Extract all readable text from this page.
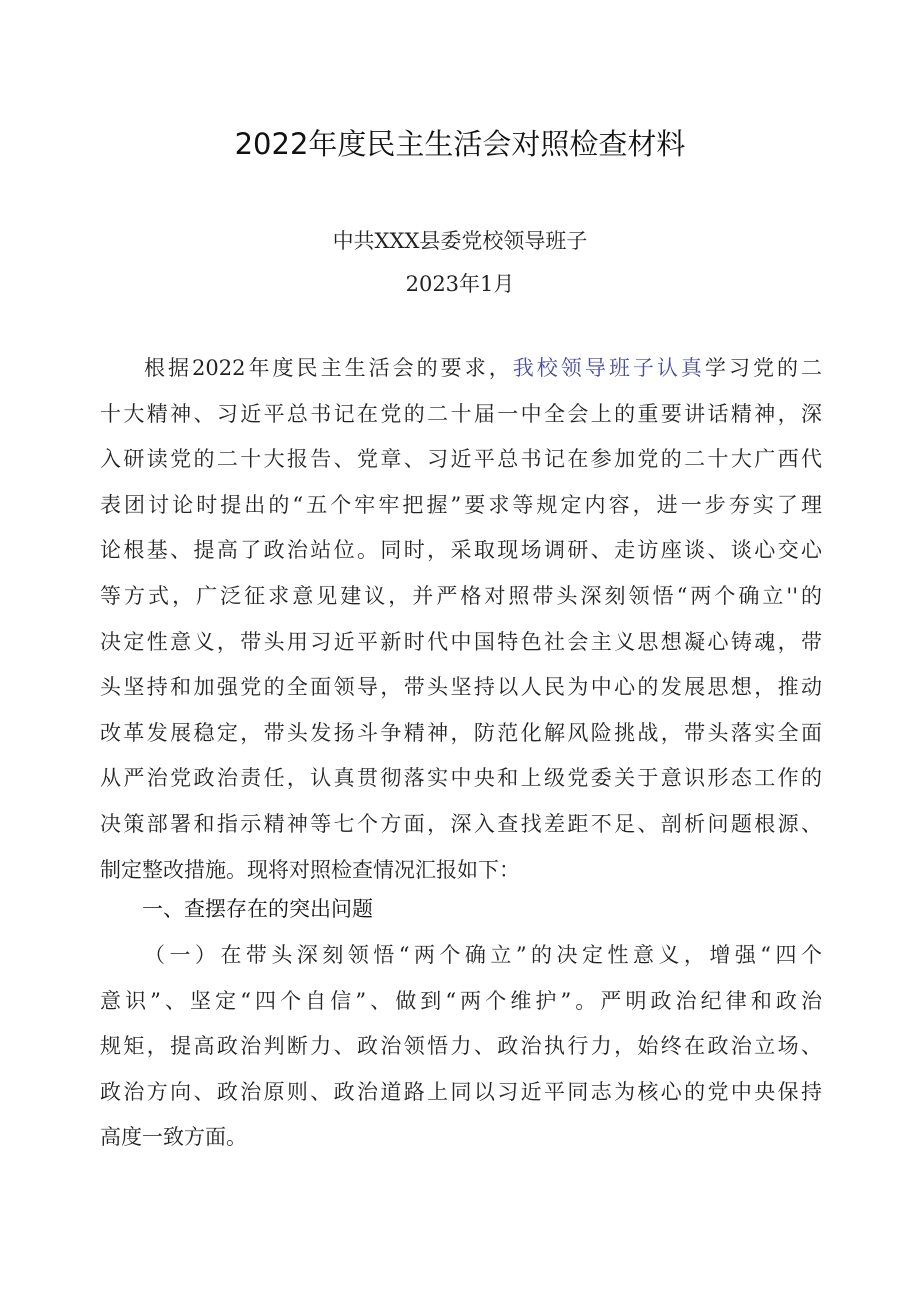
2022年度民主生活会对照检查材料
中共XXX县委党校领导班子
2023年1月
根据2022年度民主生活会的要求，我校领导班子认真学习党的二
十大精神、习近平总书记在党的二十届一中全会上的重要讲话精神，深
入研读党的二十大报告、党章、习近平总书记在参加党的二十大广西代
表团讨论时提出的“五个牢牢把握”要求等规定内容，进一步夯实了理
论根基、提高了政治站位。同时，采取现场调研、走访座谈、谈心交心
等方式，广泛征求意见建议，并严格对照带头深刻领悟“两个确立''的
决定性意义，带头用习近平新时代中国特色社会主义思想凝心铸魂，带
头坚持和加强党的全面领导，带头坚持以人民为中心的发展思想，推动
改革发展稳定，带头发扬斗争精神，防范化解风险挑战，带头落实全面
从严治党政治责任，认真贯彻落实中央和上级党委关于意识形态工作的
决策部署和指示精神等七个方面，深入查找差距不足、剖析问题根源、
制定整改措施。现将对照检查情况汇报如下：
一、查摆存在的突出问题
（一）在带头深刻领悟“两个确立”的决定性意义，增强“四个
意识”、坚定“四个自信”、做到“两个维护”。严明政治纪律和政治
规矩，提高政治判断力、政治领悟力、政治执行力，始终在政治立场、
政治方向、政治原则、政治道路上同以习近平同志为核心的党中央保持
高度一致方面。
